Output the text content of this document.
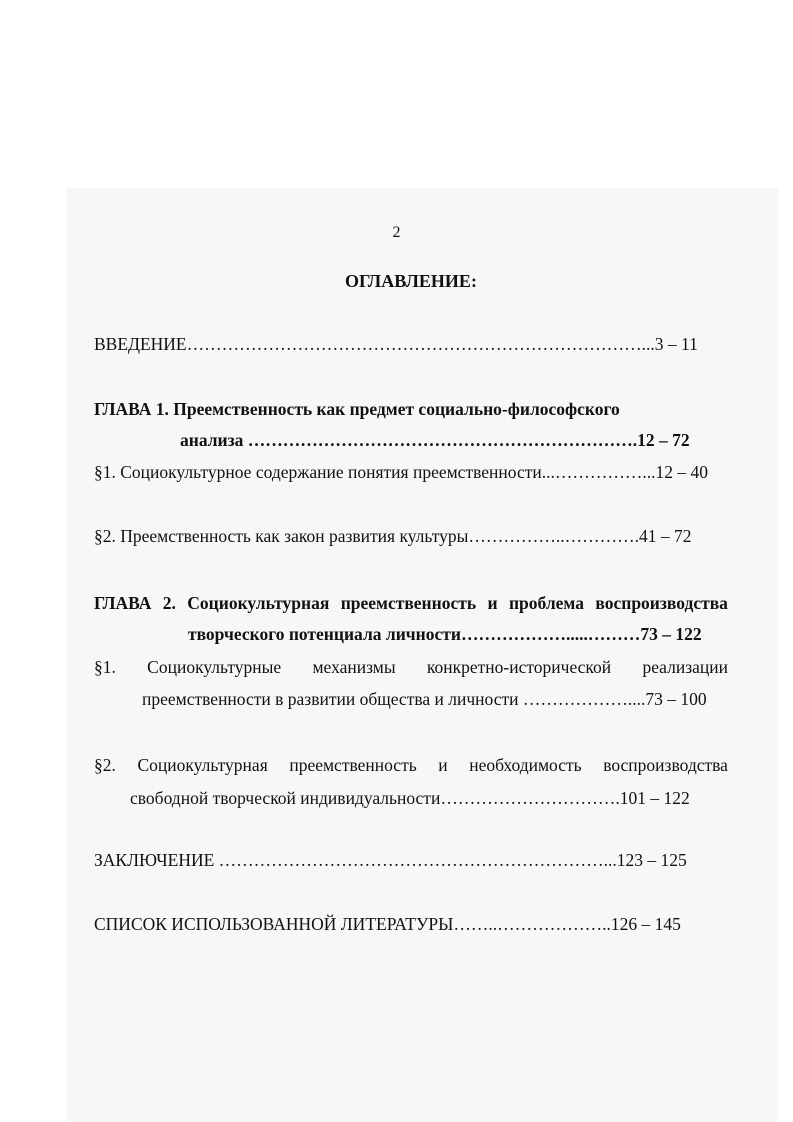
2
ОГЛАВЛЕНИЕ:
ВВЕДЕНИЕ……………………………………………………………………...3 – 11
ГЛАВА 1. Преемственность как предмет социально-философского
анализа ………………………………………………………….12 – 72
§1. Социокультурное содержание понятия преемственности...……………...12 – 40
§2. Преемственность как закон развития культуры……………..………….41 – 72
ГЛАВА 2. Социокультурная преемственность и проблема воспроизводства
творческого потенциала личности……………….....………73 – 122
§1. Социокультурные механизмы конкретно-исторической реализации
преемственности в развитии общества и личности ………………....73 – 100
§2. Социокультурная преемственность и необходимость воспроизводства
свободной творческой индивидуальности………………………….101 – 122
ЗАКЛЮЧЕНИЕ …………………………………………………………...123 – 125
СПИСОК ИСПОЛЬЗОВАННОЙ ЛИТЕРАТУРЫ……..………………..126 – 145
